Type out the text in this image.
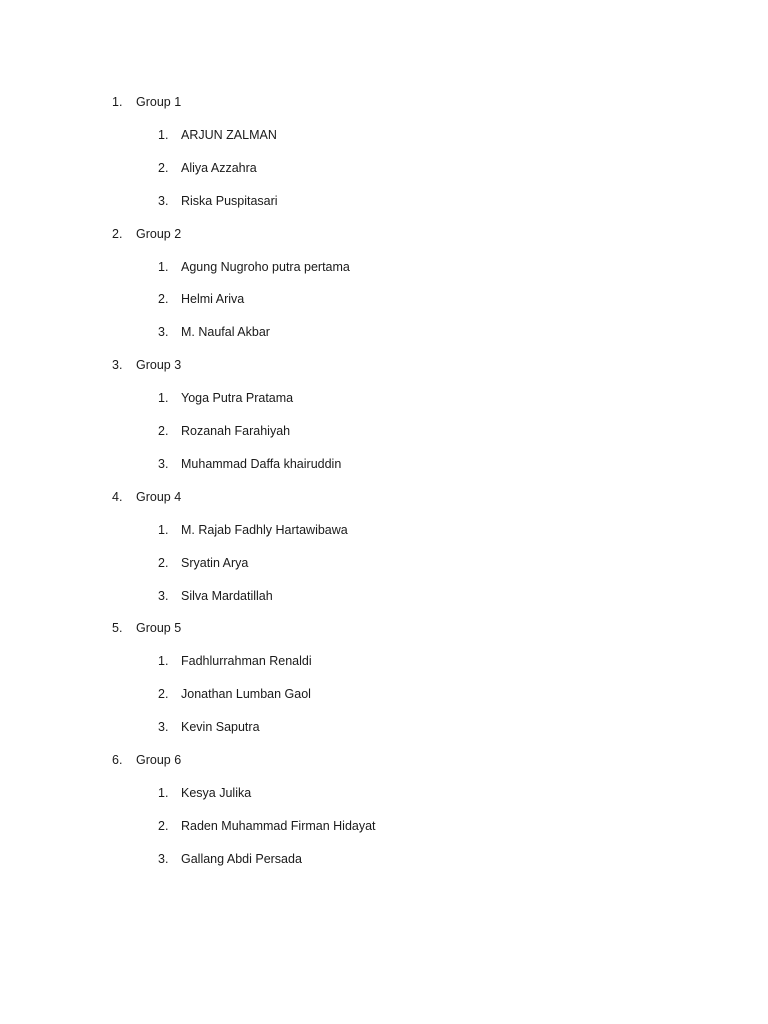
1. Group 1
1. ARJUN ZALMAN
2. Aliya Azzahra
3. Riska Puspitasari
2. Group 2
1. Agung Nugroho putra pertama
2. Helmi Ariva
3. M. Naufal Akbar
3. Group 3
1. Yoga Putra Pratama
2. Rozanah Farahiyah
3. Muhammad Daffa khairuddin
4. Group 4
1. M. Rajab Fadhly Hartawibawa
2. Sryatin Arya
3. Silva Mardatillah
5. Group 5
1. Fadhlurrahman Renaldi
2. Jonathan Lumban Gaol
3. Kevin Saputra
6. Group 6
1. Kesya Julika
2. Raden Muhammad Firman Hidayat
3. Gallang Abdi Persada
